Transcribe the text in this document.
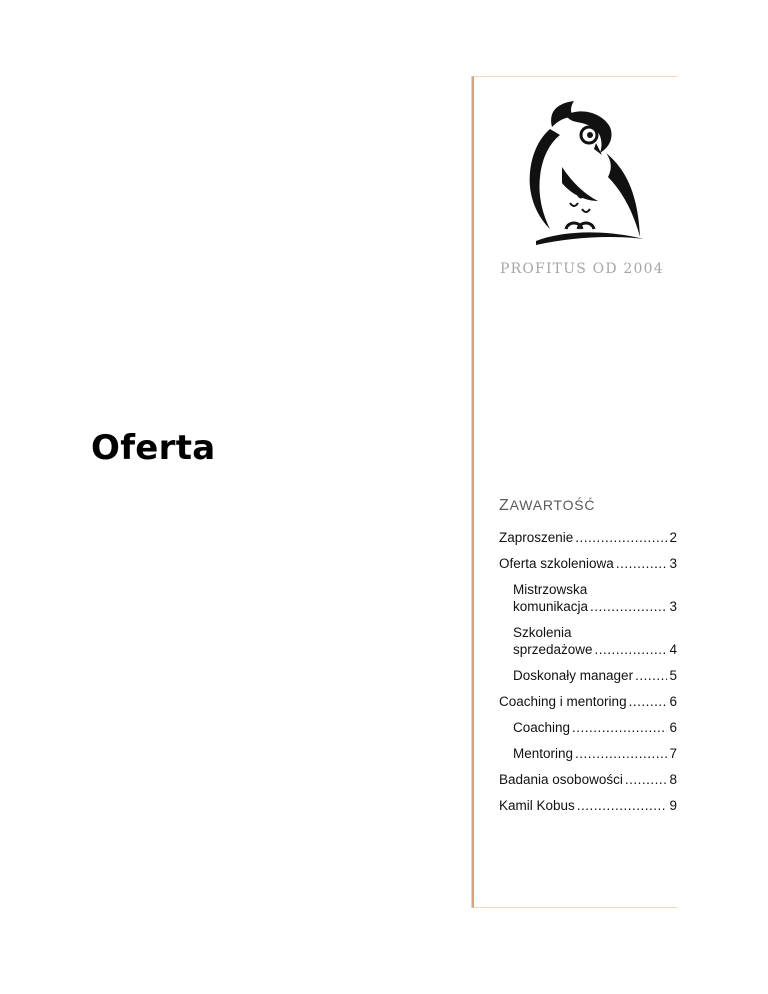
Oferta
PROFITUS OD 2004
ZAWARTOŚĆ
Zaproszenie .....	2
Oferta szkoleniowa .....	3
Mistrzowska
komunikacja .....	3
Szkolenia
sprzedażowe .....	4
Doskonały manager .....	5
Coaching i mentoring .....	6
Coaching .....	6
Mentoring .....	7
Badania osobowości .....	8
Kamil Kobus .....	9
